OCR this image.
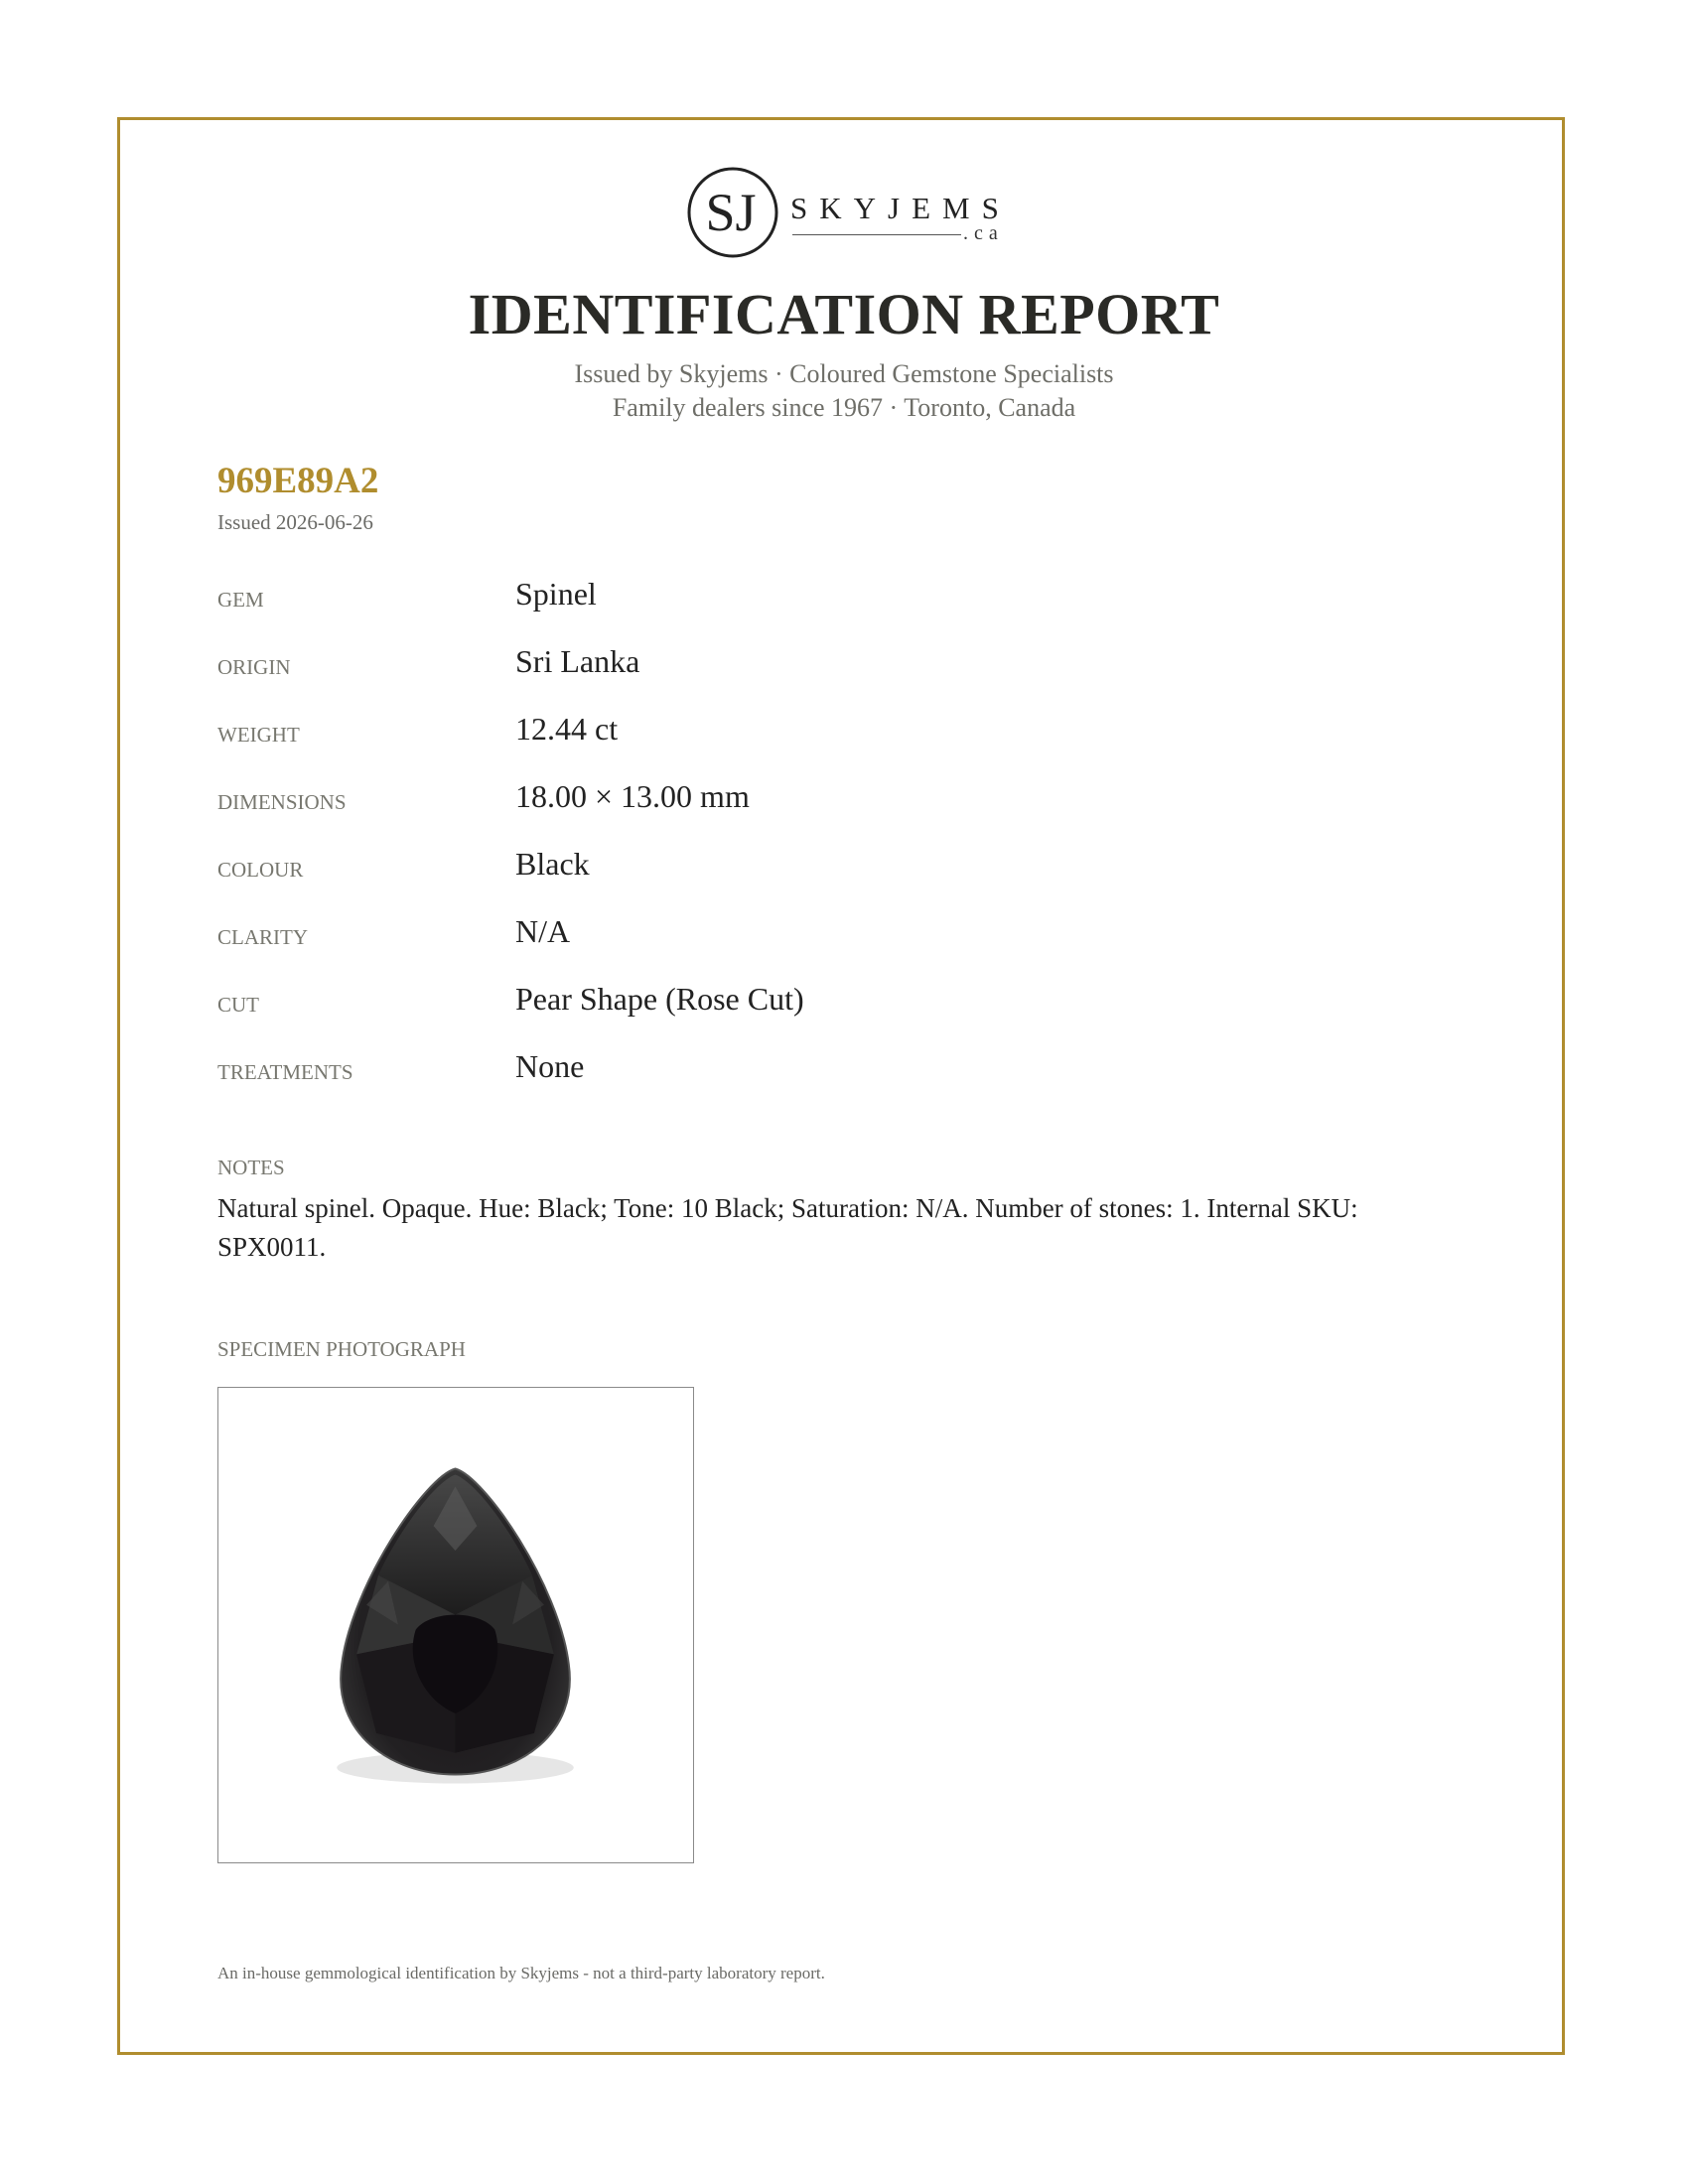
SJ SKYJEMS
.ca
IDENTIFICATION REPORT
Issued by Skyjems · Coloured Gemstone Specialists
Family dealers since 1967 · Toronto, Canada
969E89A2
Issued 2026-06-26
GEM	Spinel
ORIGIN	Sri Lanka
WEIGHT	12.44 ct
DIMENSIONS	18.00 × 13.00 mm
COLOUR	Black
CLARITY	N/A
CUT	Pear Shape (Rose Cut)
TREATMENTS	None
NOTES
Natural spinel. Opaque. Hue: Black; Tone: 10 Black; Saturation: N/A. Number of stones: 1. Internal SKU: SPX0011.
SPECIMEN PHOTOGRAPH
An in-house gemmological identification by Skyjems - not a third-party laboratory report.
